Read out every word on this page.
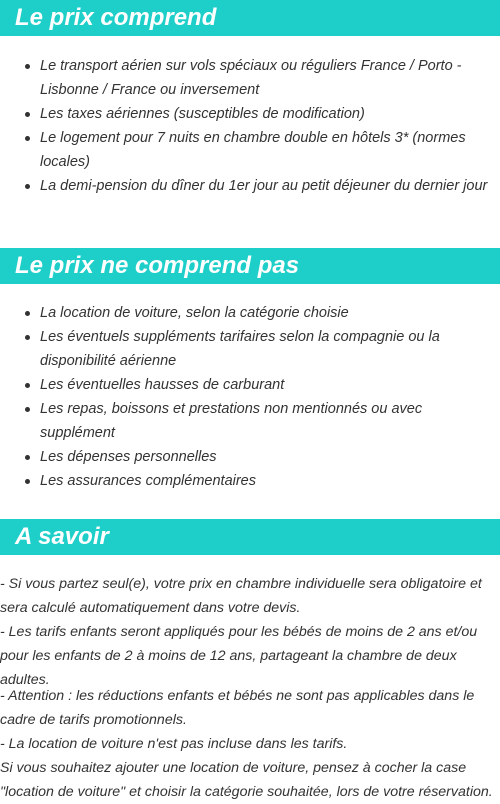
Le prix comprend
Le transport aérien sur vols spéciaux ou réguliers France / Porto - Lisbonne / France ou inversement
Les taxes aériennes (susceptibles de modification)
Le logement pour 7 nuits en chambre double en hôtels 3* (normes locales)
La demi-pension du dîner du 1er jour au petit déjeuner du dernier jour
Le prix ne comprend pas
La location de voiture, selon la catégorie choisie
Les éventuels suppléments tarifaires selon la compagnie ou la disponibilité aérienne
Les éventuelles hausses de carburant
Les repas, boissons et prestations non mentionnés ou avec supplément
Les dépenses personnelles
Les assurances complémentaires
A savoir

- Si vous partez seul(e), votre prix en chambre individuelle sera obligatoire et sera calculé automatiquement dans votre devis.

- Les tarifs enfants seront appliqués pour les bébés de moins de 2 ans et/ou pour les enfants de 2 à moins de 12 ans, partageant la chambre de deux adultes.

- Attention : les réductions enfants et bébés ne sont pas applicables dans le cadre de tarifs promotionnels.

- La location de voiture n'est pas incluse dans les tarifs.

Si vous souhaitez ajouter une location de voiture, pensez à cocher la case "location de voiture" et choisir la catégorie souhaitée, lors de votre réservation.
